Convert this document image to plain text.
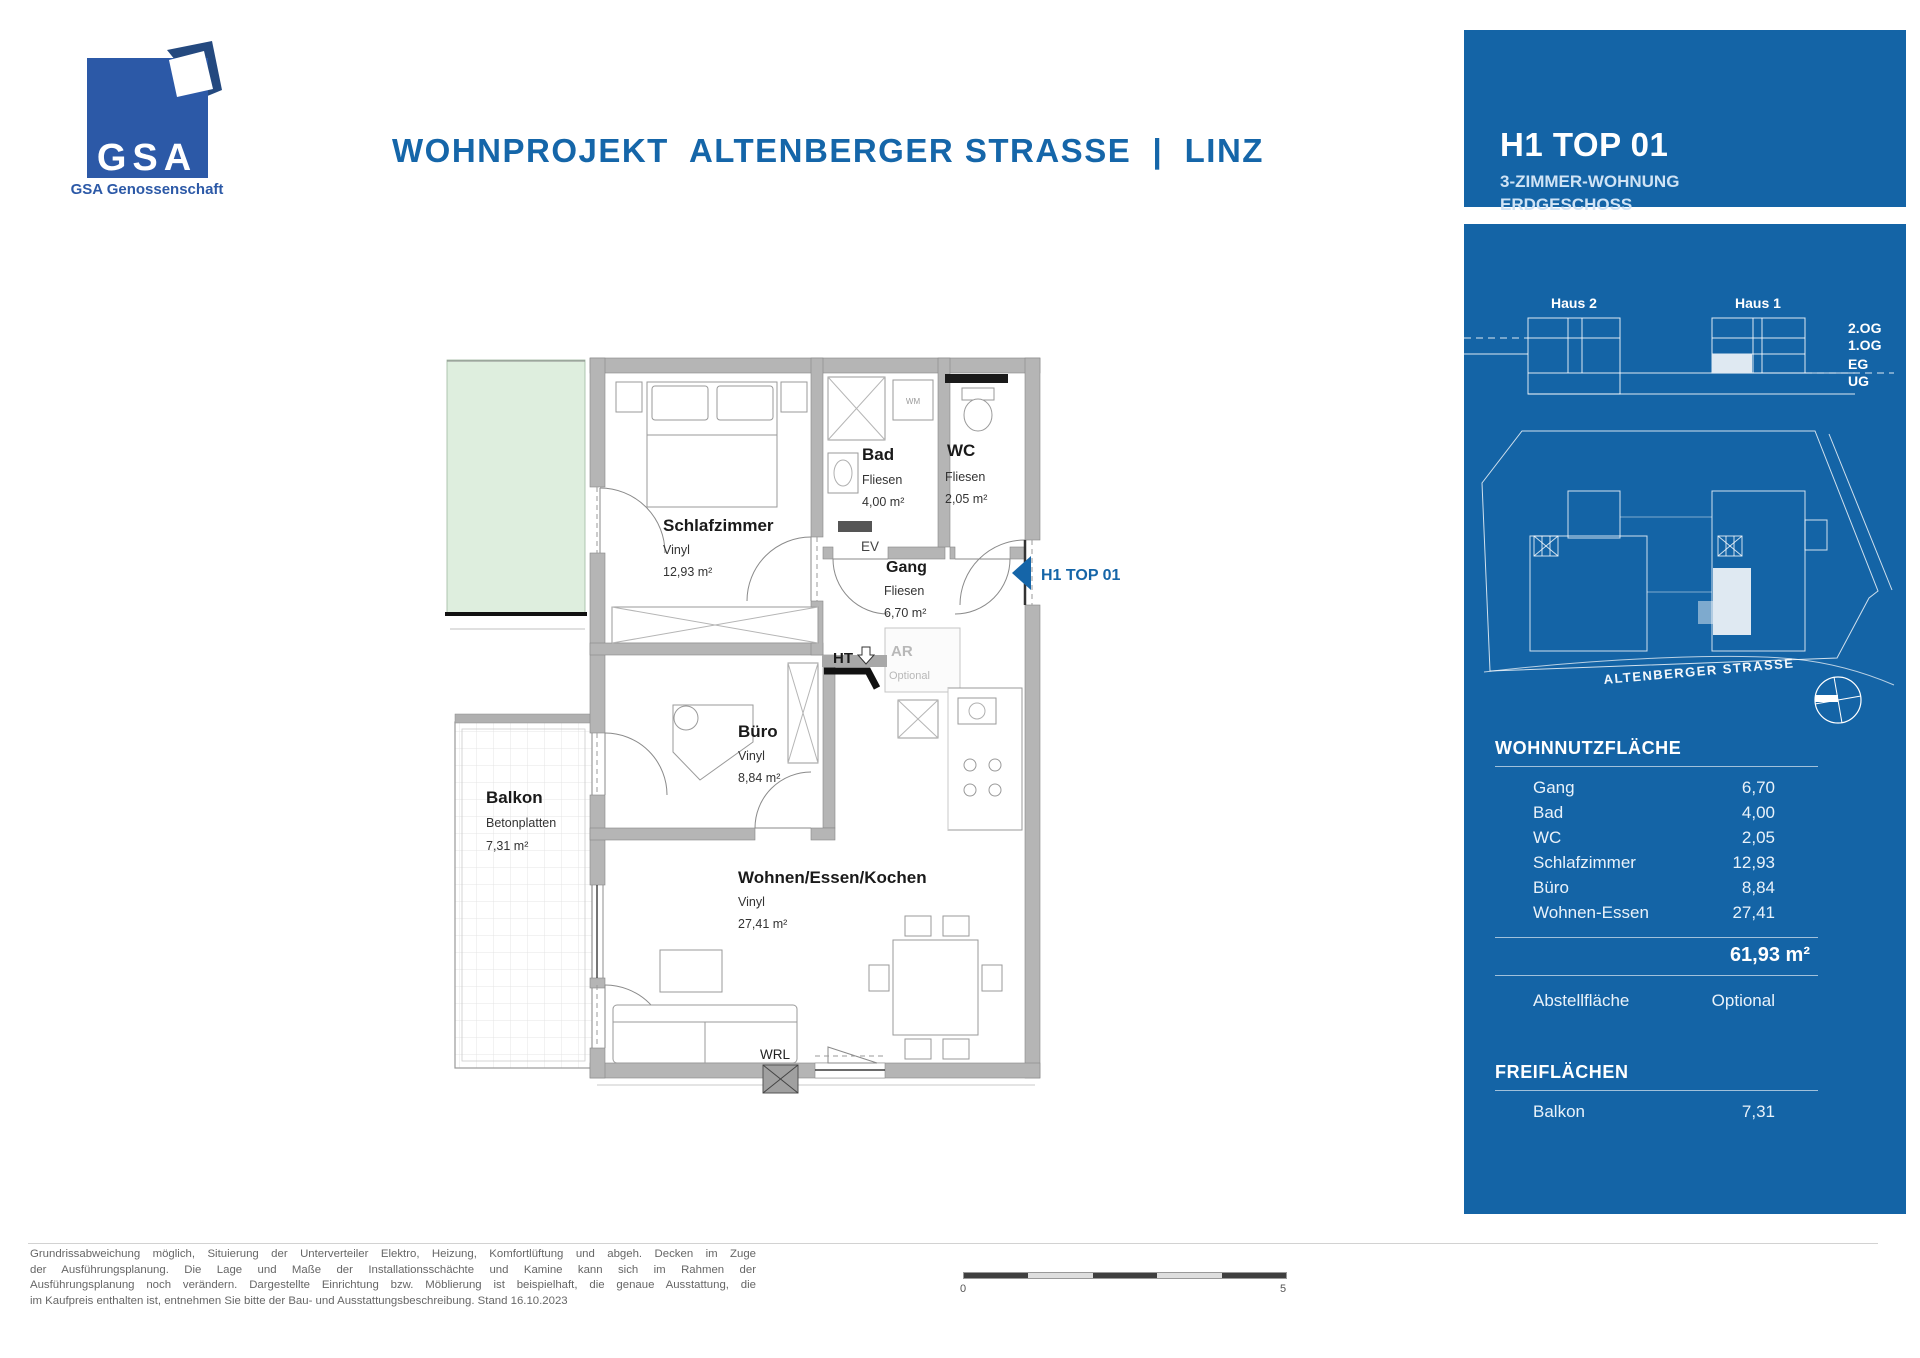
GSA
GSA Genossenschaft
WOHNPROJEKT  ALTENBERGER STRASSE  |  LINZ
Schlafzimmer
Vinyl
12,93 m²
Bad
Fliesen
4,00 m²
WC
Fliesen
2,05 m²
Gang
Fliesen
6,70 m²
Büro
Vinyl
8,84 m²
Wohnen/Essen/Kochen
Vinyl
27,41 m²
Balkon
Betonplatten
7,31 m²
EV
HT	AR
Optional
WM
WRL
H1 TOP 01
H1 TOP 01
3-ZIMMER-WOHNUNG
ERDGESCHOSS
Haus 2	Haus 1
2.OG
1.OG
EG
UG
ALTENBERGER STRASSE
WOHNNUTZFLÄCHE
Gang	6,70
Bad	4,00
WC	2,05
Schlafzimmer	12,93
Büro	8,84
Wohnen-Essen	27,41
61,93 m²
Abstellfläche	Optional
FREIFLÄCHEN
Balkon	7,31
Grundrissabweichung möglich, Situierung der Unterverteiler Elektro, Heizung, Komfortlüftung und abgeh. Decken im Zuge
der Ausführungsplanung. Die Lage und Maße der Installationsschächte und Kamine kann sich im Rahmen der
Ausführungsplanung noch verändern. Dargestellte Einrichtung bzw. Möblierung ist beispielhaft, die genaue Ausstattung, die
im Kaufpreis enthalten ist, entnehmen Sie bitte der Bau- und Ausstattungsbeschreibung. Stand 16.10.2023
0	5
